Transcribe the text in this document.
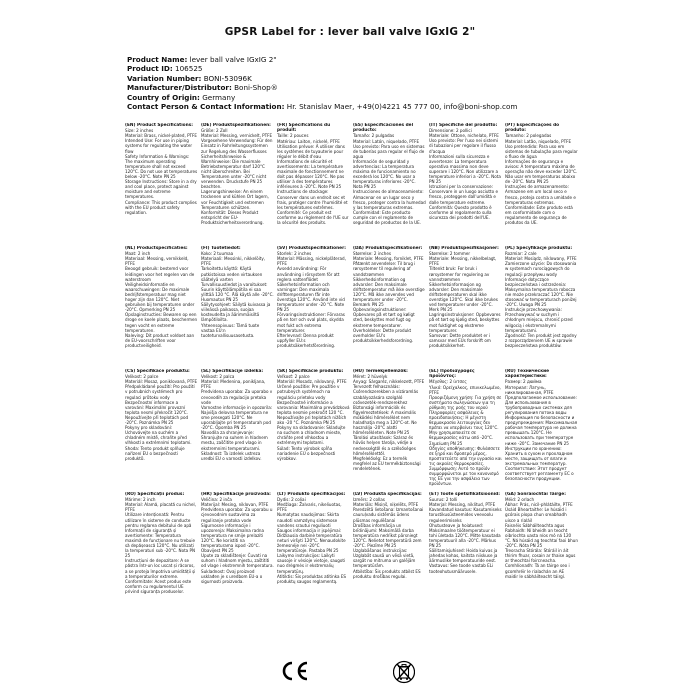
GPSR Label for : lever ball valve IGxIG 2"
Product Name: lever ball valve IGxIG 2"
Product ID: 106525
Variation Number: BONI-53096K
Manufacturer/Distributor: Boni-Shop®
Country of Origin: Germany
Contact Person & Contact Information: Hr. Stanislav Maer, +49(0)4221 45 777 00, info@boni-shop.com
(EN) Product Specifications:
Size: 2 inches
Material: Brass, nickel-plated, PTFE
Intended Use: For use in piping systems for regulating the water flow
Safety Information & Warnings: The maximum operating temperature shall not exceed 120°C. Do not use at temperatures below -20°C. Note PN 25
Storage Instructions: Store in a dry and cool place, protect against moisture and extreme temperatures.
Compliance: This product complies with the EU product safety regulation.
(DE) Produktspezifikationen:
Größe: 2 Zoll
Material: Messing, vernickelt, PTFE
Vorgesehene Verwendung: Für den Einsatz in Rohrleitungssystemen zur Regelung des Wasserflusses
Sicherheitshinweise & Warnhinweise: Die maximale Betriebstemperatur darf 120°C nicht überschreiten. Bei Temperaturen unter -20°C nicht verwenden. Druckstufe PN 25 beachten.
Lagerungshinweise: An einem trockenen und kühlen Ort lagern, vor Feuchtigkeit und extremen Temperaturen schützen.
Konformität: Dieses Produkt entspricht der EU-Produktsicherheitsverordnung.
(FR) Spécifications du produit:
Taille: 2 pouces
Matériau: Laiton, nickelé, PTFE
Utilisation prévue: À utiliser dans les systèmes de tuyauterie pour réguler le débit d'eau
Informations de sécurité et avertissements: La température maximale de fonctionnement ne doit pas dépasser 120°C. Ne pas utiliser à des températures inférieures à -20°C. Note PN 25
Instructions de stockage: Conserver dans un endroit sec et frais, protéger contre l'humidité et les températures extrêmes.
Conformité: Ce produit est conforme au règlement de l'UE sur la sécurité des produits.
(ES) Especificaciones del producto:
Tamaño: 2 pulgadas
Material: Latón, niquelado, PTFE
Uso previsto: Para uso en sistemas de tuberías para regular el flujo de agua
Información de seguridad y advertencias: La temperatura máxima de funcionamiento no excederá los 120°C. No usar a temperaturas inferiores -20°C. Nota PN 25
Instrucciones de almacenamiento: Almacenar en un lugar seco y fresco, proteger contra la humedad y las temperaturas extremas.
Conformidad: Este producto cumple con el reglamento de seguridad de productos de la UE.
(IT) Specifiche del prodotto:
Dimensione: 2 pollici
Materiale: Ottone, nichelato, PTFE
Uso previsto: Per l'uso nei sistemi di tubazioni per regolare il flusso d'acqua
Informazioni sulla sicurezza e avvertenze: La temperatura operativa massima non deve superare i 120°C. Non utilizzare a temperature inferiori a -20°C. Nota PN 25
Istruzioni per la conservazione: Conservare in un luogo asciutto e fresco, proteggere dall'umidità e dalle temperature estreme.
Conformità: Questo prodotto è conforme al regolamento sulla sicurezza dei prodotti dell'UE.
(PT) Especificações do produto:
Tamanho: 2 polegadas
Material: Latão, niquelado, PTFE
Uso pretendido: Para uso em sistemas de tubulação para regular o fluxo de água
Informações de segurança e avisos: A temperatura máxima de operação não deve exceder 120°C. Não usar em temperaturas abaixo de -20°C. Nota PN 25
Instruções de armazenamento: Armazene em um local seco e fresco, proteja contra a umidade e temperaturas extremas.
Conformidade: Este produto está em conformidade com o regulamento de segurança de produtos da UE.
(NL) Productspecificaties:
Maat: 2 inch
Materiaal: Messing, vernikkeld, PTFE
Beoogd gebruik: bestemd voor leidingen voor het regelen van de waterstroom
Veiligheidsinformatie en waarschuwingen: De maximale bedrijfstemperatuur mag niet hoger zijn dan 120°C. Niet gebruiken bij temperaturen onder -20°C. Opmerking PN 25
Opslaginstructies: Bewaren op een droge en koele plaats, beschermen tegen vocht en extreme temperaturen.
Naleving: Dit product voldoet aan de EU-voorschriften voor productveiligheid.
(FI) Tuotetiedot:
Koko: 2 tuumaa
Materiaali: Messinki, nikkelöity, PTFE
Tarkoitettu käyttö: Käytä putkistoissa veden virtauksen säätelyä varten
Turvallisuustiedot ja varoitukset: Suurin käyttölämpötila ei saa ylittää 120 °C. Älä käytä alle -20°C. Huomautus PN 25
Säilytysohjeet: Säilytä kuivassa ja viileässä paikassa, suojaa kosteudelta ja äärimmäisiltä lämpötiloilta.
Yhteensopivuus: Tämä tuote vastaa EU:n tuoteturvallisuusasetusta.
(SV) Produktspecifikationer:
Storlek: 2 inches
Material: Mässing, nickelpläterad, PTFE
Avsedd användning: För användning i rörsystem för att reglera vattenflödet
Säkerhetsinformation och varningar: Den maximala drifttemperaturen får inte överstiga 120°C. Använd inte vid temperaturer under -20 °C. Note PN 25
Förvaringsinstruktioner: Förvaras på en torr och sval plats, skydda mot fukt och extrema temperaturer.
Efterlevnad: Denna produkt uppfyller EU:s produktsäkerhetsförordning.
(DA) Produktspecifikationer:
Størrelse: 2 inches
Materiale: Messing, forniklet, PTFE
Påtænkt anvendelse: Til brug i rørsystemer til regulering af vandstrømmen
Sikkerhedsinformation og advarsler: Den maksimale driftstemperatur må ikke overstige 120°C. Må ikke anvendes ved temperaturer under -20°C. Bemærk PN 25
Opbevaringsinstruktioner: Opbevares på et tørt og køligt sted, beskyttes mod fugt og ekstreme temperaturer.
Overholdelse: Dette produkt overholder EU's produktsikkerhedsforordning.
(NB) Produktspesifikasjoner:
Størrelse: 2 tommer
Materiale: Messing, nikkelbelagt, PTFE
Tiltenkt bruk: For bruk i rørsystemer for regulering av vannstrømmen
Sikkerhetsinformasjon og advarsler: Den maksimale driftstemperaturen skal ikke overstige 120°C. Skal ikke brukes ved temperaturer under -20°C. Merk PN 25
Lagringsinstruksjoner: Oppbevares på et tørt og kjølig sted, beskyttes mot fuktighet og ekstreme temperaturer.
Samsvar: Dette produktet er i samsvar med EUs forskrift om produktsikkerhet.
(PL) Specyfikacje produktu:
Rozmiar: 2 cale
Materiał: Mosiądz, niklowany, PTFE
Zamierzone użycie: Do stosowania w systemach rurociągowych do regulacji przepływu wody
Informacje dotyczące bezpieczeństwa i ostrzeżenia: Maksymalna temperatura robocza nie może przekraczać 120°C. Nie stosować w temperaturach poniżej -20°C. Uwaga PN 25
Instrukcje przechowywania: Przechowywać w suchym i chłodnym miejscu, chronić przed wilgocią i ekstremalnymi temperaturami.
Zgodność: Ten produkt jest zgodny z rozporządzeniem UE w sprawie bezpieczeństwa produktów.
(CS) Specifikace produktu:
Velikost: 2 palce
Materiál: Mosaz, poniklovaná, PTFE
Předpokládané použití: Pro použití v potrubních systémech pro regulaci průtoku vody
Bezpečnostní informace a varování: Maximální provozní teplota nesmí překročit 120°C. Nepoužívejte při teplotách pod -20°C. Poznámka PN 25
Pokyny pro skladování: Uchovávejte na suchém a chladném místě, chraňte před vlhkostí a extrémními teplotami.
Shoda: Tento produkt splňuje nařízení EU o bezpečnosti produktů.
(SL) Specifikacije izdelka:
Velikost: 2 palca
Material: Medenina, ponikljana, PTFE
Predvidena uporaba: Za uporabo v cevovodih za regulacijo pretoka vode
Varnostne informacije in opozorila: Najvišja delovna temperatura ne sme presegati 120°C. Ne uporabljajte pri temperaturah pod -20°C. Opomba PN 25
Navodila za shranjevanje: Shranjujte na suhem in hladnem mestu, zaščitite pred vlago in ekstremnimi temperaturami.
Skladnost: Ta izdelek ustreza uredbi EU o varnosti izdelkov.
(SK) Špecifikácie produktu:
Veľkosť: 2 palce
Materiál: Mosadz, niklovaný, PTFE
Určené použitie: Pre použitie v potrubných systémoch na reguláciu prietoku vody
Bezpečnostné informácie a varovania: Maximálna prevádzková teplota nesmie prekročiť 120 °C. Nepoužívajte pri teplotách nižších ako -20 °C. Poznámka PN 25
Pokyny na skladovanie: Skladujte na suchom a chladnom mieste, chráňte pred vlhkosťou a extrémnymi teplotami.
Súlad: Tento výrobok spĺňa nariadenie EÚ o bezpečnosti výrobkov.
(HU) Termékjellemzők:
Méret: 2 hüvelyk
Anyag: Sárgaréz, nikkelezett, PTFE
Tervezett felhasználás: Csőrendszerekben a vízáramlás szabályozására szolgáló csővezeték-rendszerekhez
Biztonsági információk és figyelmeztetések: A maximális működési hőmérséklet nem haladhatja meg a 120°C-ot. Ne használja -20°C alatti hőmérsékleten. Note PN 25
Tárolási utasítások: Száraz és hűvös helyen tárolja, védje a nedvességtől és a szélsőséges hőmérséklettől.
Megfelelőség: Ez a termék megfelel az EU termékbiztonsági rendeletének.
(EL) Προδιαγραφές προϊόντος:
Μέγεθος: 2 ίντσες
Υλικό: Ορείχαλκος, επινικελωμένο, PTFE
Προοριζόμενη χρήση: Για χρήση σε συστήματα σωληνώσεων για τη ρύθμιση της ροής του νερού
Πληροφορίες ασφάλειας & προειδοποιήσεις: Η μέγιστη θερμοκρασία λειτουργίας δεν πρέπει να υπερβαίνει τους 120°C. Μην χρησιμοποιείτε σε θερμοκρασίες κάτω από -20°C. Σημείωση PN 25
Οδηγίες αποθήκευσης: Φυλάσσετε σε ξηρό και δροσερό μέρος, προστατεύετε από την υγρασία και τις ακραίες θερμοκρασίες.
Συμμόρφωση: Αυτό το προϊόν συμμορφώνεται με τον κανονισμό της ΕΕ για την ασφάλεια των προϊόντων.
(RU) Технические характеристики:
Размер: 2 дюйма
Материал: Латунь, никелированная, PTFE
Предполагаемое использование: Для использования в трубопроводных системах для регулирования потока воды
Информация по безопасности и предупреждения: Максимальная рабочая температура не должна превышать 120°C. Не использовать при температуре ниже -20°C. Замечание PN 25
Инструкции по хранению: Хранить в сухом и прохладном месте, защищать от влаги и экстремальных температур.
Соответствие: Этот продукт соответствует регламенту ЕС о безопасности продукции.
(RO) Specificații produs:
Mărime: 2 inch
Material: Alamă, placată cu nichel, PTFE
Utilizare intenționată: Pentru utilizare în sisteme de conducte pentru reglarea debitului de apă
Informații de siguranță și avertismente: Temperatura maximă de funcționare nu trebuie să depășească 120°C. Nu utilizați la temperaturi sub -20°C. Nota PN 25
Instrucțiuni de depozitare: A se păstra într-un loc uscat și răcoros, a se proteja împotriva umidității și a temperaturilor extreme.
Conformitate: Acest produs este conform cu regulamentul UE privind siguranța produselor.
(HR) Specifikacije proizvoda:
Veličina: 2 inča
Materijal: Mesing, niklovan, PTFE
Predviđena uporaba: Za uporabu u cjevovodnim sustavima za reguliranje protoka vode
Sigurnosne informacije i upozorenja: Maksimalna radna temperatura ne smije prelaziti 120°C. Ne koristiti na temperaturama ispod -20°C. Obavijest PN 25
Upute za skladištenje: Čuvati na suhom i hladnom mjestu, zaštititi od vlage i ekstremnih temperatura.
Sukladnost: Ovaj proizvod usklađen je s uredbom EU-a o sigurnosti proizvoda.
(LT) Produkto specifikacijos:
Dydis: 2 coliai
Medžiaga: Žalvaris, nikeliuotas, PTFE
Numatytas naudojimas: Skirta naudoti vamzdynų sistemose vandens srautui reguliuoti
Saugos informacija ir įspėjimai: Didžiausia darbinė temperatūra neturi viršyti 120°C. Nenaudokite žemesnėje nei -20°C temperatūroje. Pastaba PN 25
Laikymo instrukcijos: Laikyti sausoje ir vėsioje vietoje, saugoti nuo drėgmės ir ekstremalių temperatūrų.
Atitiktis: Šis produktas atitinka ES produktų saugos reglamentą.
(LV) Produkta specifikācijas:
Izmērs: 2 collas
Materiāls: Misiņš, niķelēts, PTFE
Paredzētā lietošana: Izmantošanai cauruļvadu sistēmās ūdens plūsmas regulēšanai
Drošības informācija un brīdinājumi: Maksimālā darba temperatūra nedrīkst pārsniegt 120°C. Nelietot temperatūrā zem -20°C. Piezīme PN 25
Uzglabāšanas instrukcijas: Uzglabāt sausā un vēsā vietā, sargāt no mitruma un galējām temperatūrām.
Atbilstība: Šis produkts atbilst ES produktu drošības regulai.
(ET) Toote spetsifikatsioonid:
Suurus: 2 tolli
Materjal: Messing, niklitud, PTFE
Kavandatud kasutus: Kasutamiseks torustikusüsteemides veevoolu reguleerimiseks
Ohutusteave ja hoiatused: Maksimaalne töötemperatuur ei tohi ületada 120°C. Mitte kasutada temperatuuril alla -20°C. Märkus PN 25
Säilitamisjuhised: Hoida kuivas ja jahedas kohas, kaitsta niiskuse ja äärmuslike temperatuuride eest.
Vastavus: See toode vastab ELi tooteohutusmäärusele.
(GA) Sonraíochtaí Táirge:
Méid: 2 orlach
Ábhar: Prás, nicil-phlátáilte, PTFE
Úsáid Bheartaithe: Le húsáid i gcórais píopa chun sreabhadh uisce a rialáil
Faisnéis Sábháilteachta agus Rabhaidh: Ní bheidh an teocht oibríochta uasta níos mó ná 120 °C. Ná húsáid ag teochtaí faoi bhun -20°C. Nóta PN 25
Treoracha Stórála: Stóráil in áit thirim fhuar, cosain ar thaise agus ar theochtaí foircneacha.
Comhlíonadh: Tá an táirge seo i gcomhréir le rialachán an AE maidir le sábháilteacht táirgí.
